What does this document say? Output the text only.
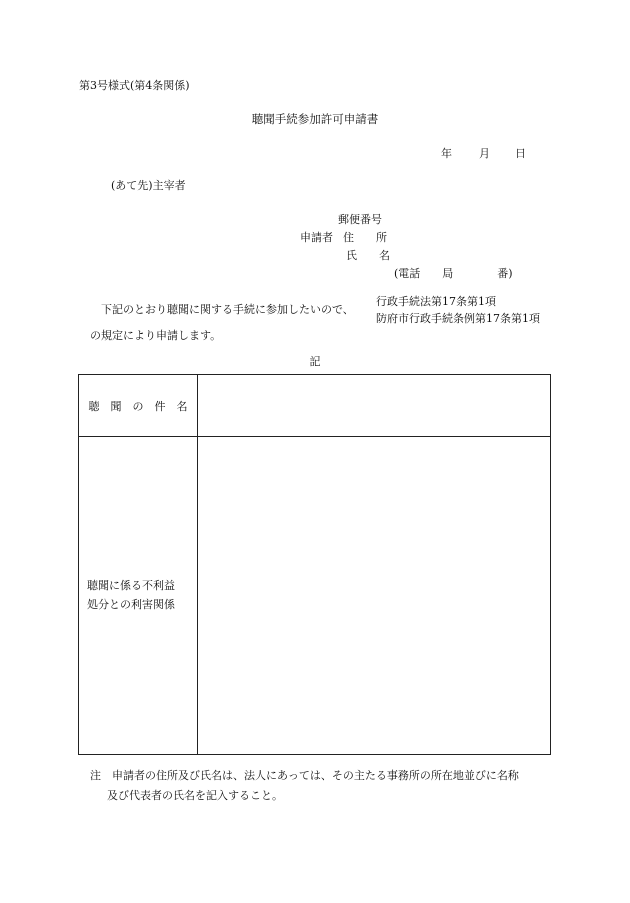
第3号様式(第4条関係)
聴聞手続参加許可申請書
年 月 日
(あて先)主宰者
郵便番号
申請者 住　　所
氏　　名
(電話　　局　　　　番)
下記のとおり聴聞に関する手続に参加したいので、
行政手続法第17条第1項
防府市行政手続条例第17条第1項
の規定により申請します。
記
聴　聞　の　件　名	

聴聞に係る不利益
処分との利害関係	

注　申請者の住所及び氏名は、法人にあっては、その主たる事務所の所在地並びに名称
及び代表者の氏名を記入すること。
